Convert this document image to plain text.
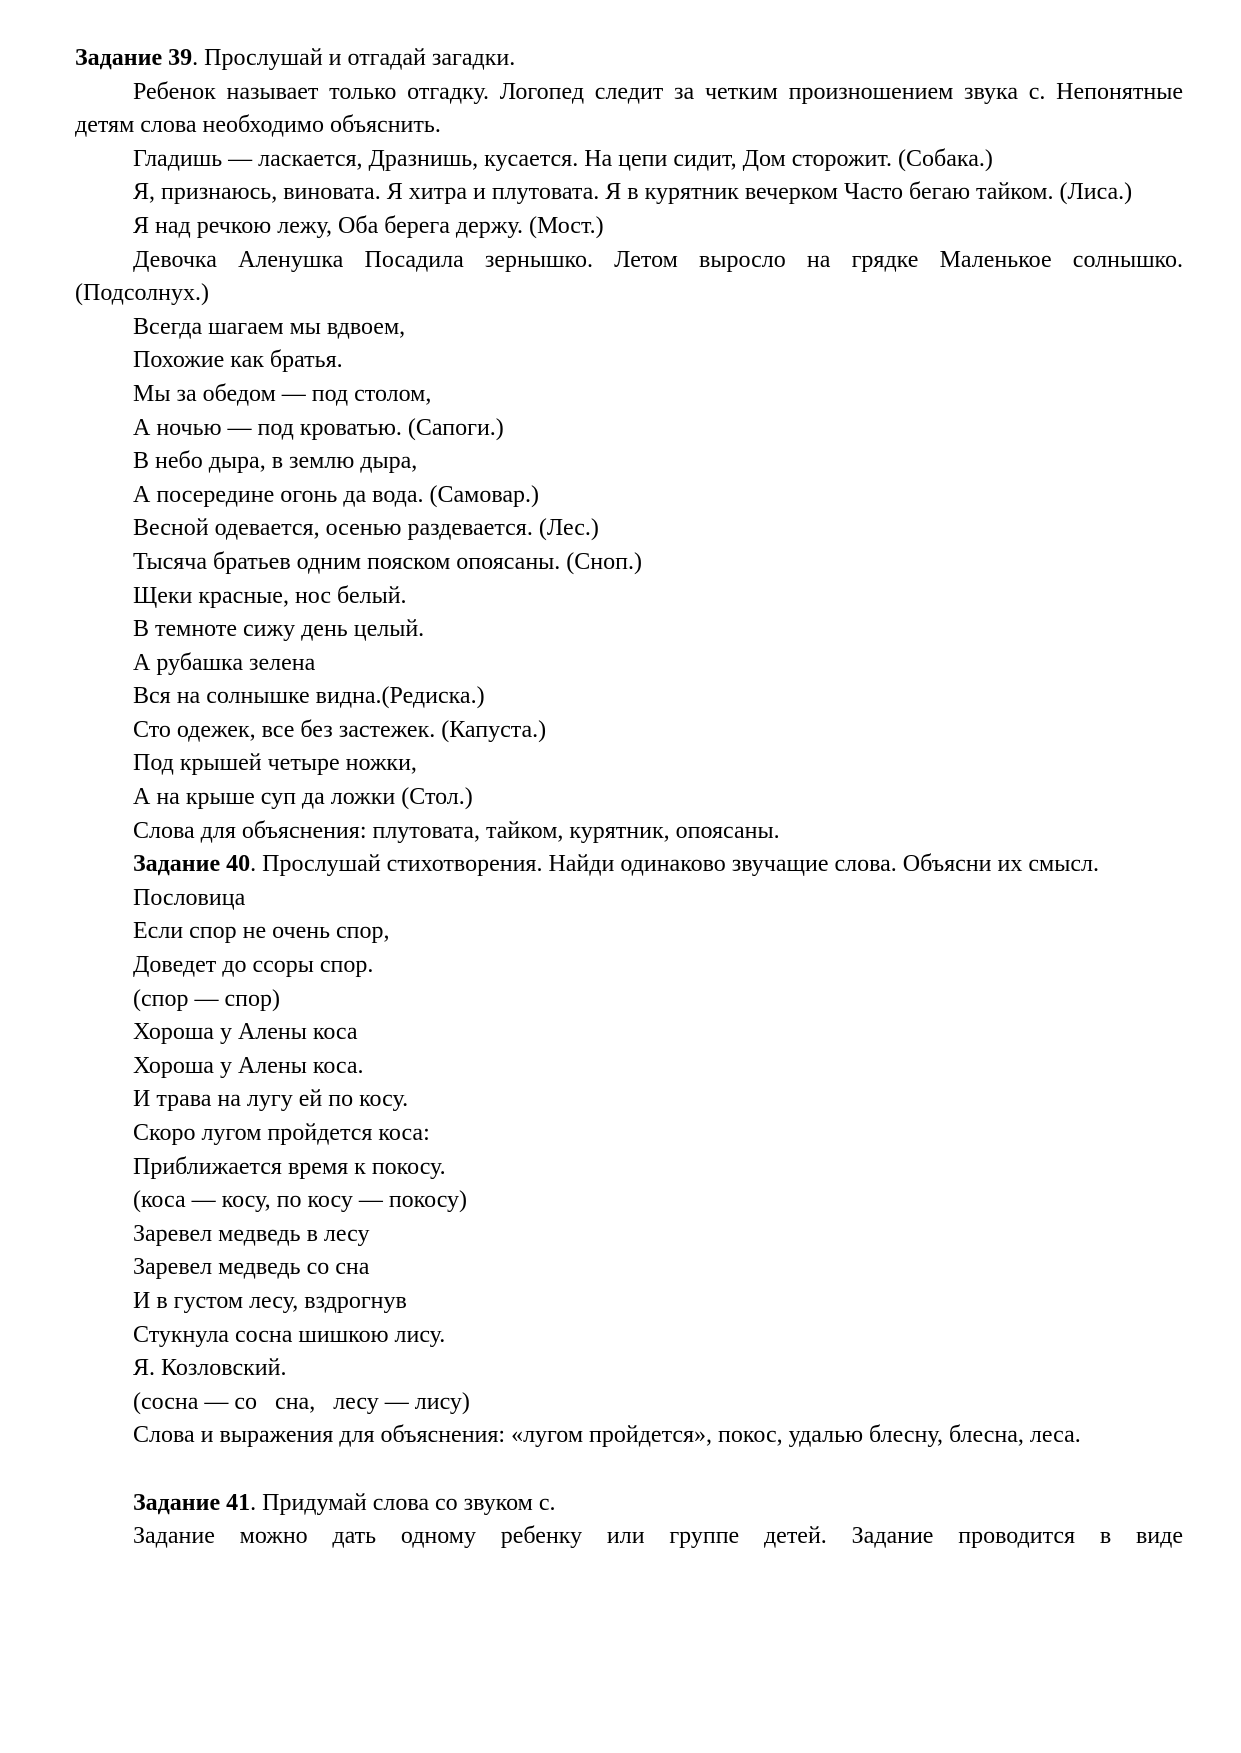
Задание 39. Прослушай и отгадай загадки.

Ребенок называет только отгадку. Логопед следит за четким произношением звука с. Непонятные детям слова необходимо объяснить.

Гладишь — ласкается, Дразнишь, кусается. На цепи сидит, Дом сторожит. (Собака.)

Я, признаюсь, виновата. Я хитра и плутовата. Я в курятник вечерком Часто бегаю тайком. (Лиса.)

Я над речкою лежу, Оба берега держу. (Мост.)

Девочка Аленушка Посадила зернышко. Летом выросло на грядке Маленькое солнышко. (Подсолнух.)

Всегда шагаем мы вдвоем,
Похожие как братья.
Мы за обедом — под столом,
А ночью — под кроватью. (Сапоги.)
В небо дыра, в землю дыра,
А посередине огонь да вода. (Самовар.)
Весной одевается, осенью раздевается. (Лес.)
Тысяча братьев одним пояском опоясаны. (Сноп.)
Щеки красные, нос белый.
В темноте сижу день целый.
А рубашка зелена
Вся на солнышке видна.(Редиска.)
Сто одежек, все без застежек. (Капуста.)
Под крышей четыре ножки,
А на крыше суп да ложки (Стол.)
Слова для объяснения: плутовата, тайком, курятник, опоясаны.

Задание 40. Прослушай стихотворения. Найди одинаково звучащие слова. Объясни их смысл.

Пословица
Если спор не очень спор,
Доведет до ссоры спор.
(спор — спор)
Хороша у Алены коса
Хороша у Алены коса.
И трава на лугу ей по косу.
Скоро лугом пройдется коса:
Приближается время к покосу.
(коса — косу, по косу — покосу)
Заревел медведь в лесу
Заревел медведь со сна
И в густом лесу, вздрогнув
Стукнула сосна шишкою лису.
Я. Козловский.
(сосна — со   сна,   лесу — лису)

Слова и выражения для объяснения: «лугом пройдется», покос, удалью блесну, блесна, леса.

Задание 41. Придумай слова со звуком с.

Задание можно дать одному ребенку или группе детей. Задание проводится в виде
